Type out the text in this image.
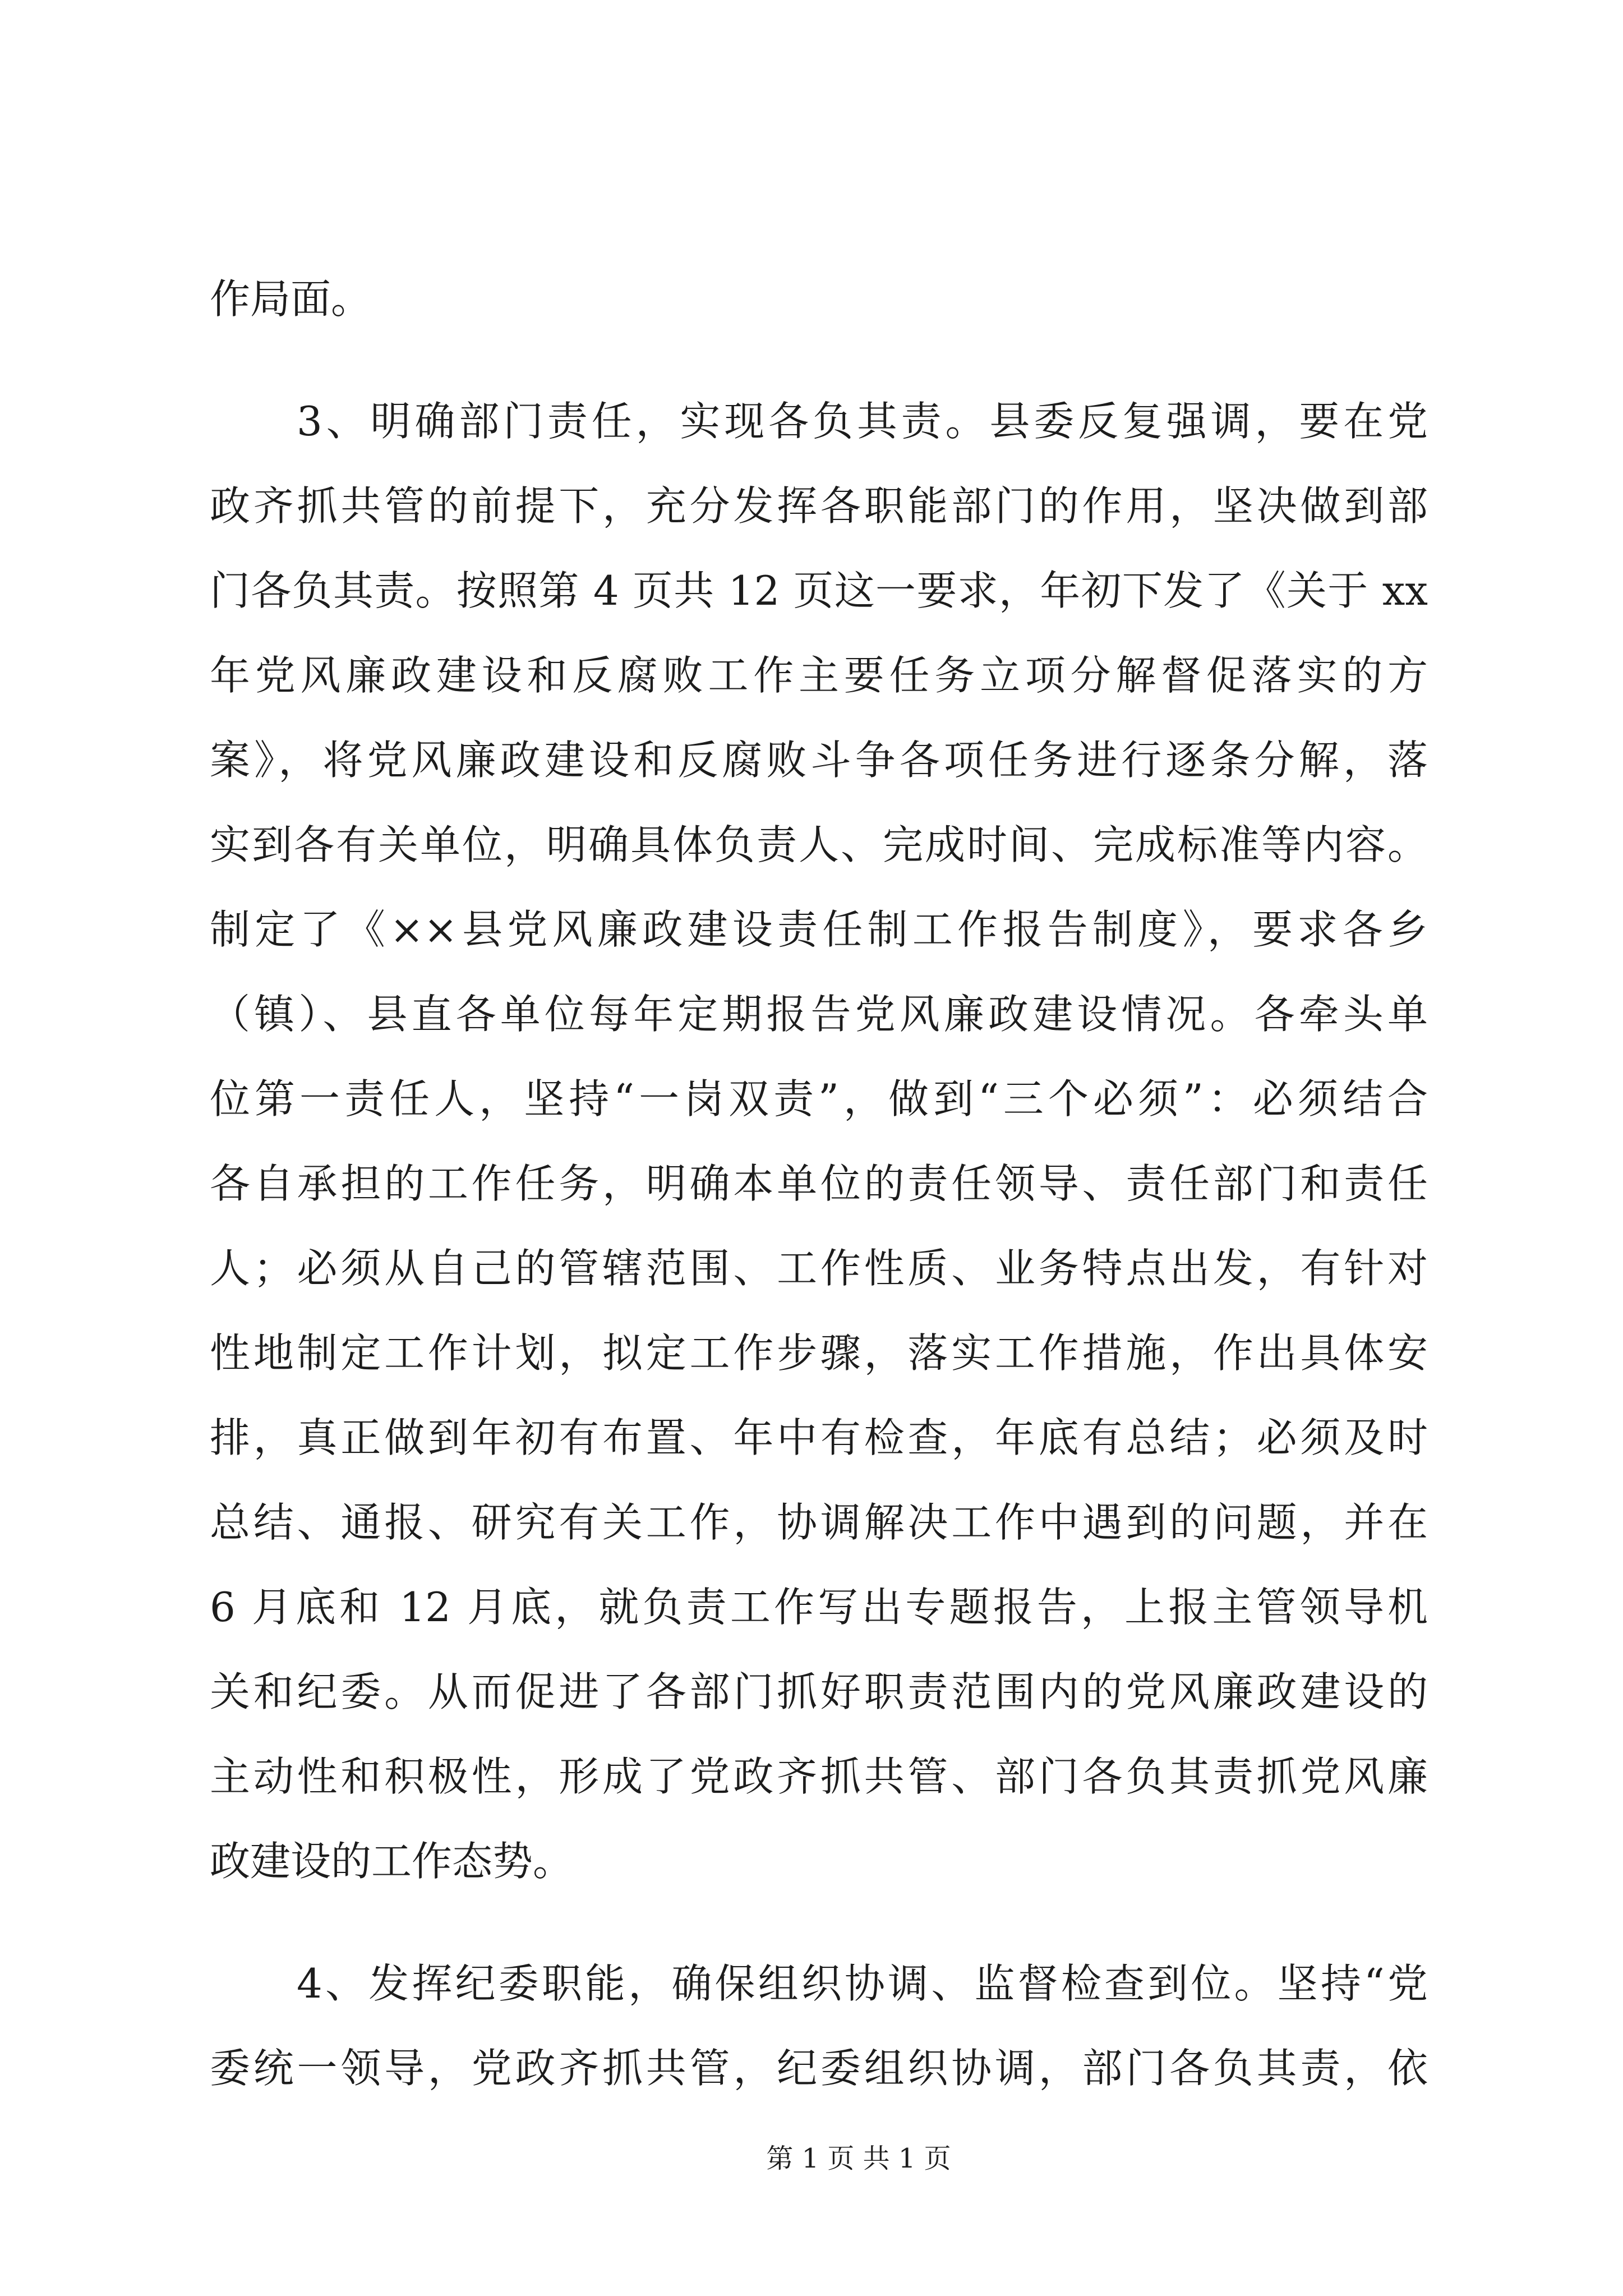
作局面。
3、明确部门责任，实现各负其责。县委反复强调，要在党
政齐抓共管的前提下，充分发挥各职能部门的作用，坚决做到部
门各负其责。按照第 4 页共 12 页这一要求，年初下发了《关于 xx
年党风廉政建设和反腐败工作主要任务立项分解督促落实的方
案》，将党风廉政建设和反腐败斗争各项任务进行逐条分解，落
实到各有关单位，明确具体负责人、完成时间、完成标准等内容。
制定了《××县党风廉政建设责任制工作报告制度》，要求各乡
（镇）、县直各单位每年定期报告党风廉政建设情况。各牵头单
位第一责任人，坚持“一岗双责”，做到“三个必须”：必须结合
各自承担的工作任务，明确本单位的责任领导、责任部门和责任
人；必须从自己的管辖范围、工作性质、业务特点出发，有针对
性地制定工作计划，拟定工作步骤，落实工作措施，作出具体安
排，真正做到年初有布置、年中有检查，年底有总结；必须及时
总结、通报、研究有关工作，协调解决工作中遇到的问题，并在
6 月底和 12 月底，就负责工作写出专题报告，上报主管领导机
关和纪委。从而促进了各部门抓好职责范围内的党风廉政建设的
主动性和积极性，形成了党政齐抓共管、部门各负其责抓党风廉
政建设的工作态势。
4、发挥纪委职能，确保组织协调、监督检查到位。坚持“党
委统一领导，党政齐抓共管，纪委组织协调，部门各负其责，依
第 1 页 共 1 页
